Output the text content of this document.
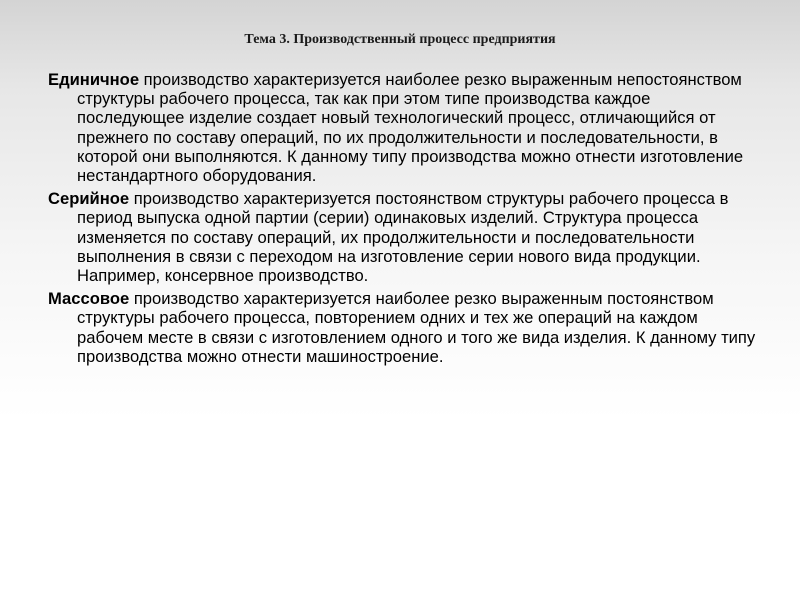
Тема 3. Производственный процесс предприятия

Единичное производство характеризуется наиболее резко выраженным непостоянством структуры рабочего процесса, так как при этом типе производства каждое последующее изделие создает новый технологический процесс, отличающийся от прежнего по составу операций, по их продолжительности и последовательности, в которой они выполняются. К данному типу производства можно отнести изготовление нестандартного оборудования.

Серийное производство характеризуется постоянством структуры рабочего процесса в период выпуска одной партии (серии) одинаковых изделий. Структура процесса изменяется по составу операций, их продолжительности и последовательности выполнения в связи с переходом на изготовление серии нового вида продукции. Например, консервное производство.

Массовое производство характеризуется наиболее резко выраженным постоянством структуры рабочего процесса, повторением одних и тех же операций на каждом рабочем месте в связи с изготовлением одного и того же вида изделия. К данному типу производства можно отнести машиностроение.
